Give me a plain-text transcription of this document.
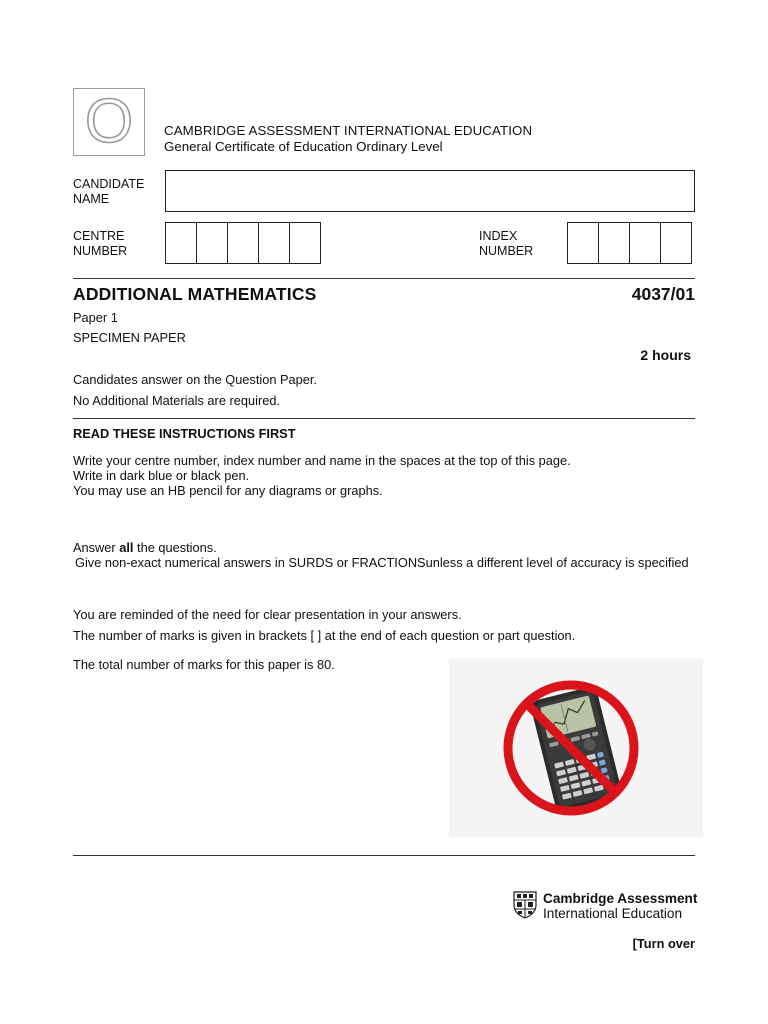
O CAMBRIDGE ASSESSMENT INTERNATIONAL EDUCATION
General Certificate of Education Ordinary Level
CANDIDATE
NAME
CENTRE
NUMBER
INDEX
NUMBER
ADDITIONAL MATHEMATICS	4037/01
Paper 1
SPECIMEN PAPER
2 hours
Candidates answer on the Question Paper.
No Additional Materials are required.
READ THESE INSTRUCTIONS FIRST
Write your centre number, index number and name in the spaces at the top of this page.
Write in dark blue or black pen.
You may use an HB pencil for any diagrams or graphs.
Answer all the questions.
Give non-exact numerical answers in SURDS or FRACTIONSunless a different level of accuracy is specified
You are reminded of the need for clear presentation in your answers.
The number of marks is given in brackets [ ] at the end of each question or part question.
The total number of marks for this paper is 80.
Cambridge Assessment
International Education
[Turn over
